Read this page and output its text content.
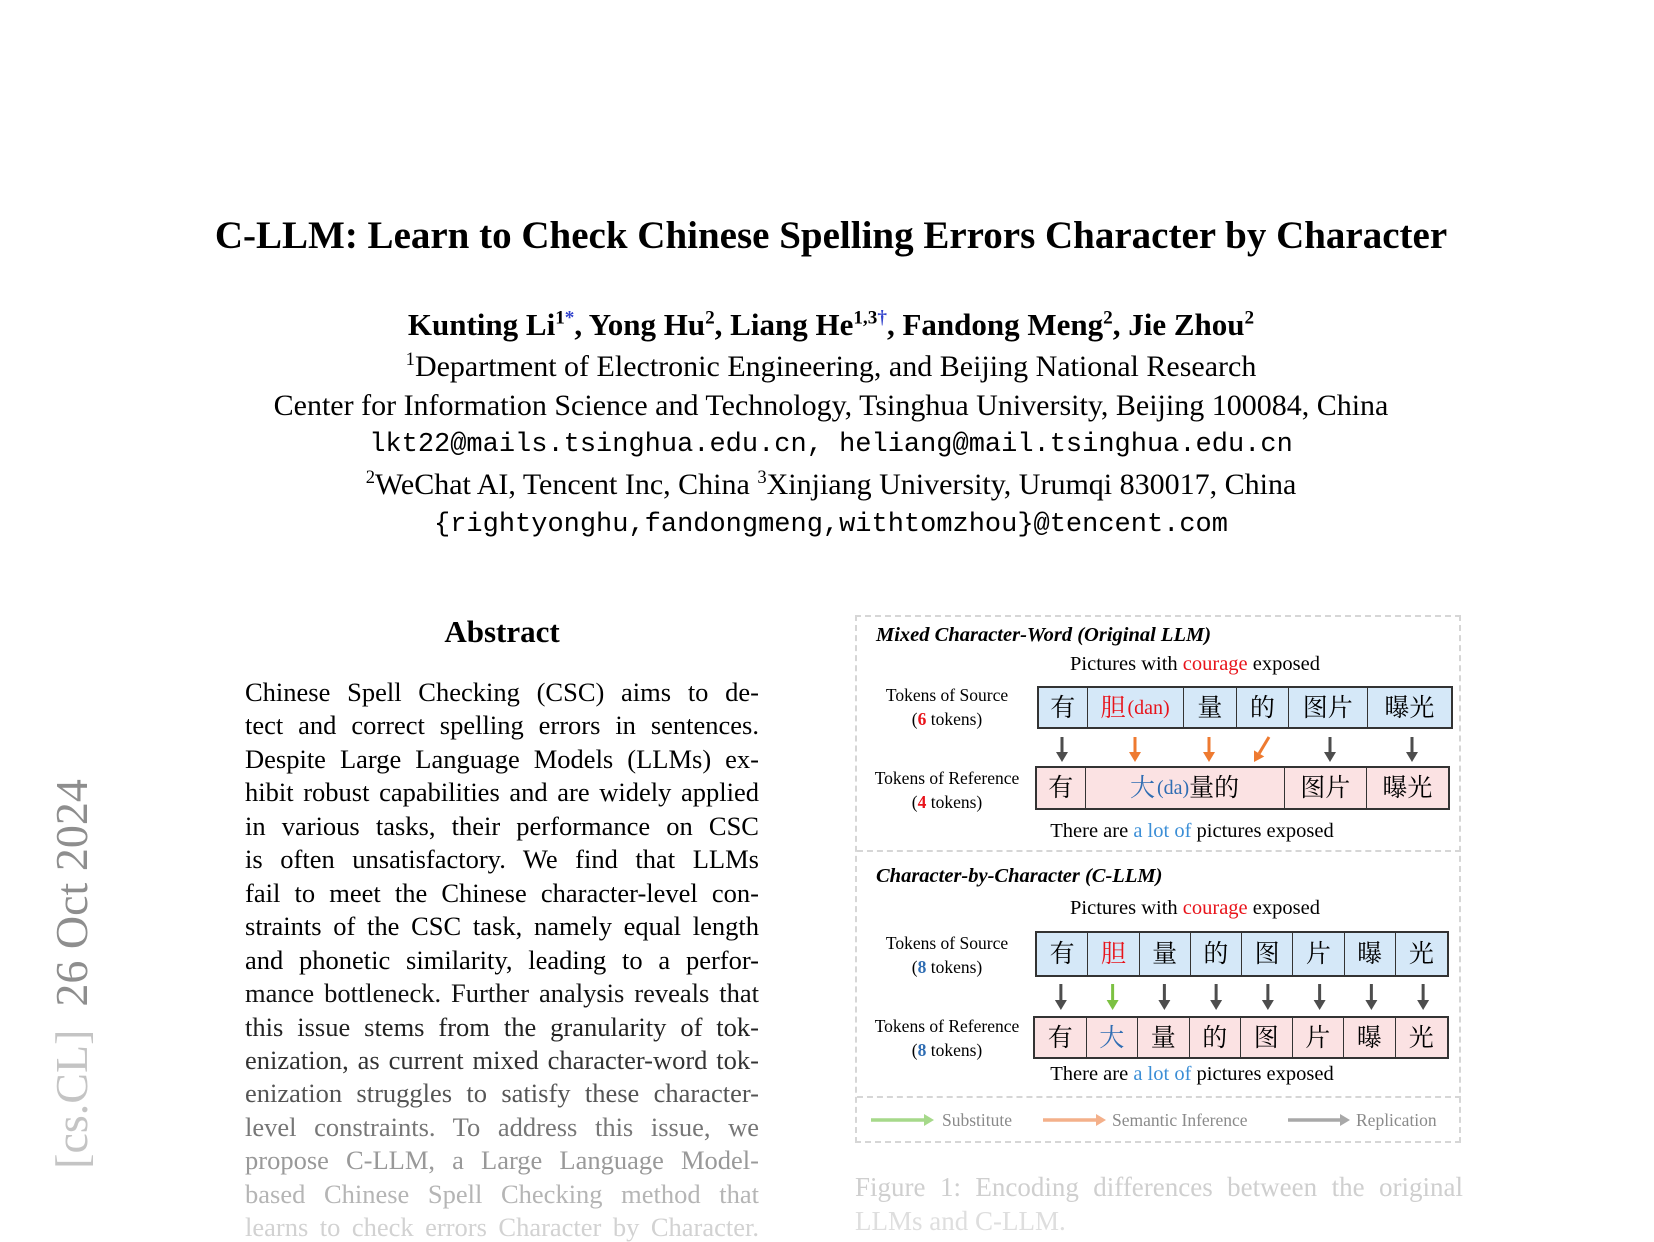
[cs.CL]  26 Oct 2024
C-LLM: Learn to Check Chinese Spelling Errors Character by Character
Kunting $Li^{1*}$, Yong Hu$^2$, Liang $He^{1,3\dagger}$, Fandong Meng$^2$, Jie Zhou$^2$
$^1$Department of Electronic Engineering, and Beijing National Research
Center for Information Science and Technology, Tsinghua University, Beijing 100084, China
lkt22@mails.tsinghua.edu.cn, heliang@mail.tsinghua.edu.cn
$^2$WeChat AI, Tencent Inc, China $^3$Xinjiang University, Urumqi 830017, China
{rightyonghu,fandongmeng,withtomzhou}@tencent.com
Abstract
Chinese Spell Checking (CSC) aims to de-
tect and correct spelling errors in sentences.
Despite Large Language Models (LLMs) ex-
hibit robust capabilities and are widely applied
in various tasks, their performance on CSC
is often unsatisfactory. We find that LLMs
fail to meet the Chinese character-level con-
straints of the CSC task, namely equal length
and phonetic similarity, leading to a perfor-
mance bottleneck. Further analysis reveals that
this issue stems from the granularity of tok-
enization, as current mixed character-word tok-
enization struggles to satisfy these character-
level constraints. To address this issue, we
propose C-LLM, a Large Language Model-
based Chinese Spell Checking method that
learns to check errors Character by Character.
Mixed Character-Word (Original LLM)
Pictures with courage exposed
Tokens of Source
(6 tokens)
Tokens of Reference
(4 tokens)
有 胆 (dan) 量 的 图片 曝光
有 大 (da) 量的 图片 曝光
There are a lot of pictures exposed
Character-by-Character (C-LLM)
Pictures with courage exposed
Tokens of Source
(8 tokens)
Tokens of Reference
(8 tokens)
有 胆 量 的 图 片 曝 光
有 大 量 的 图 片 曝 光
There are a lot of pictures exposed
Substitute	Semantic Inference	Replication
Figure 1: Encoding differences between the original
LLMs and C-LLM.
